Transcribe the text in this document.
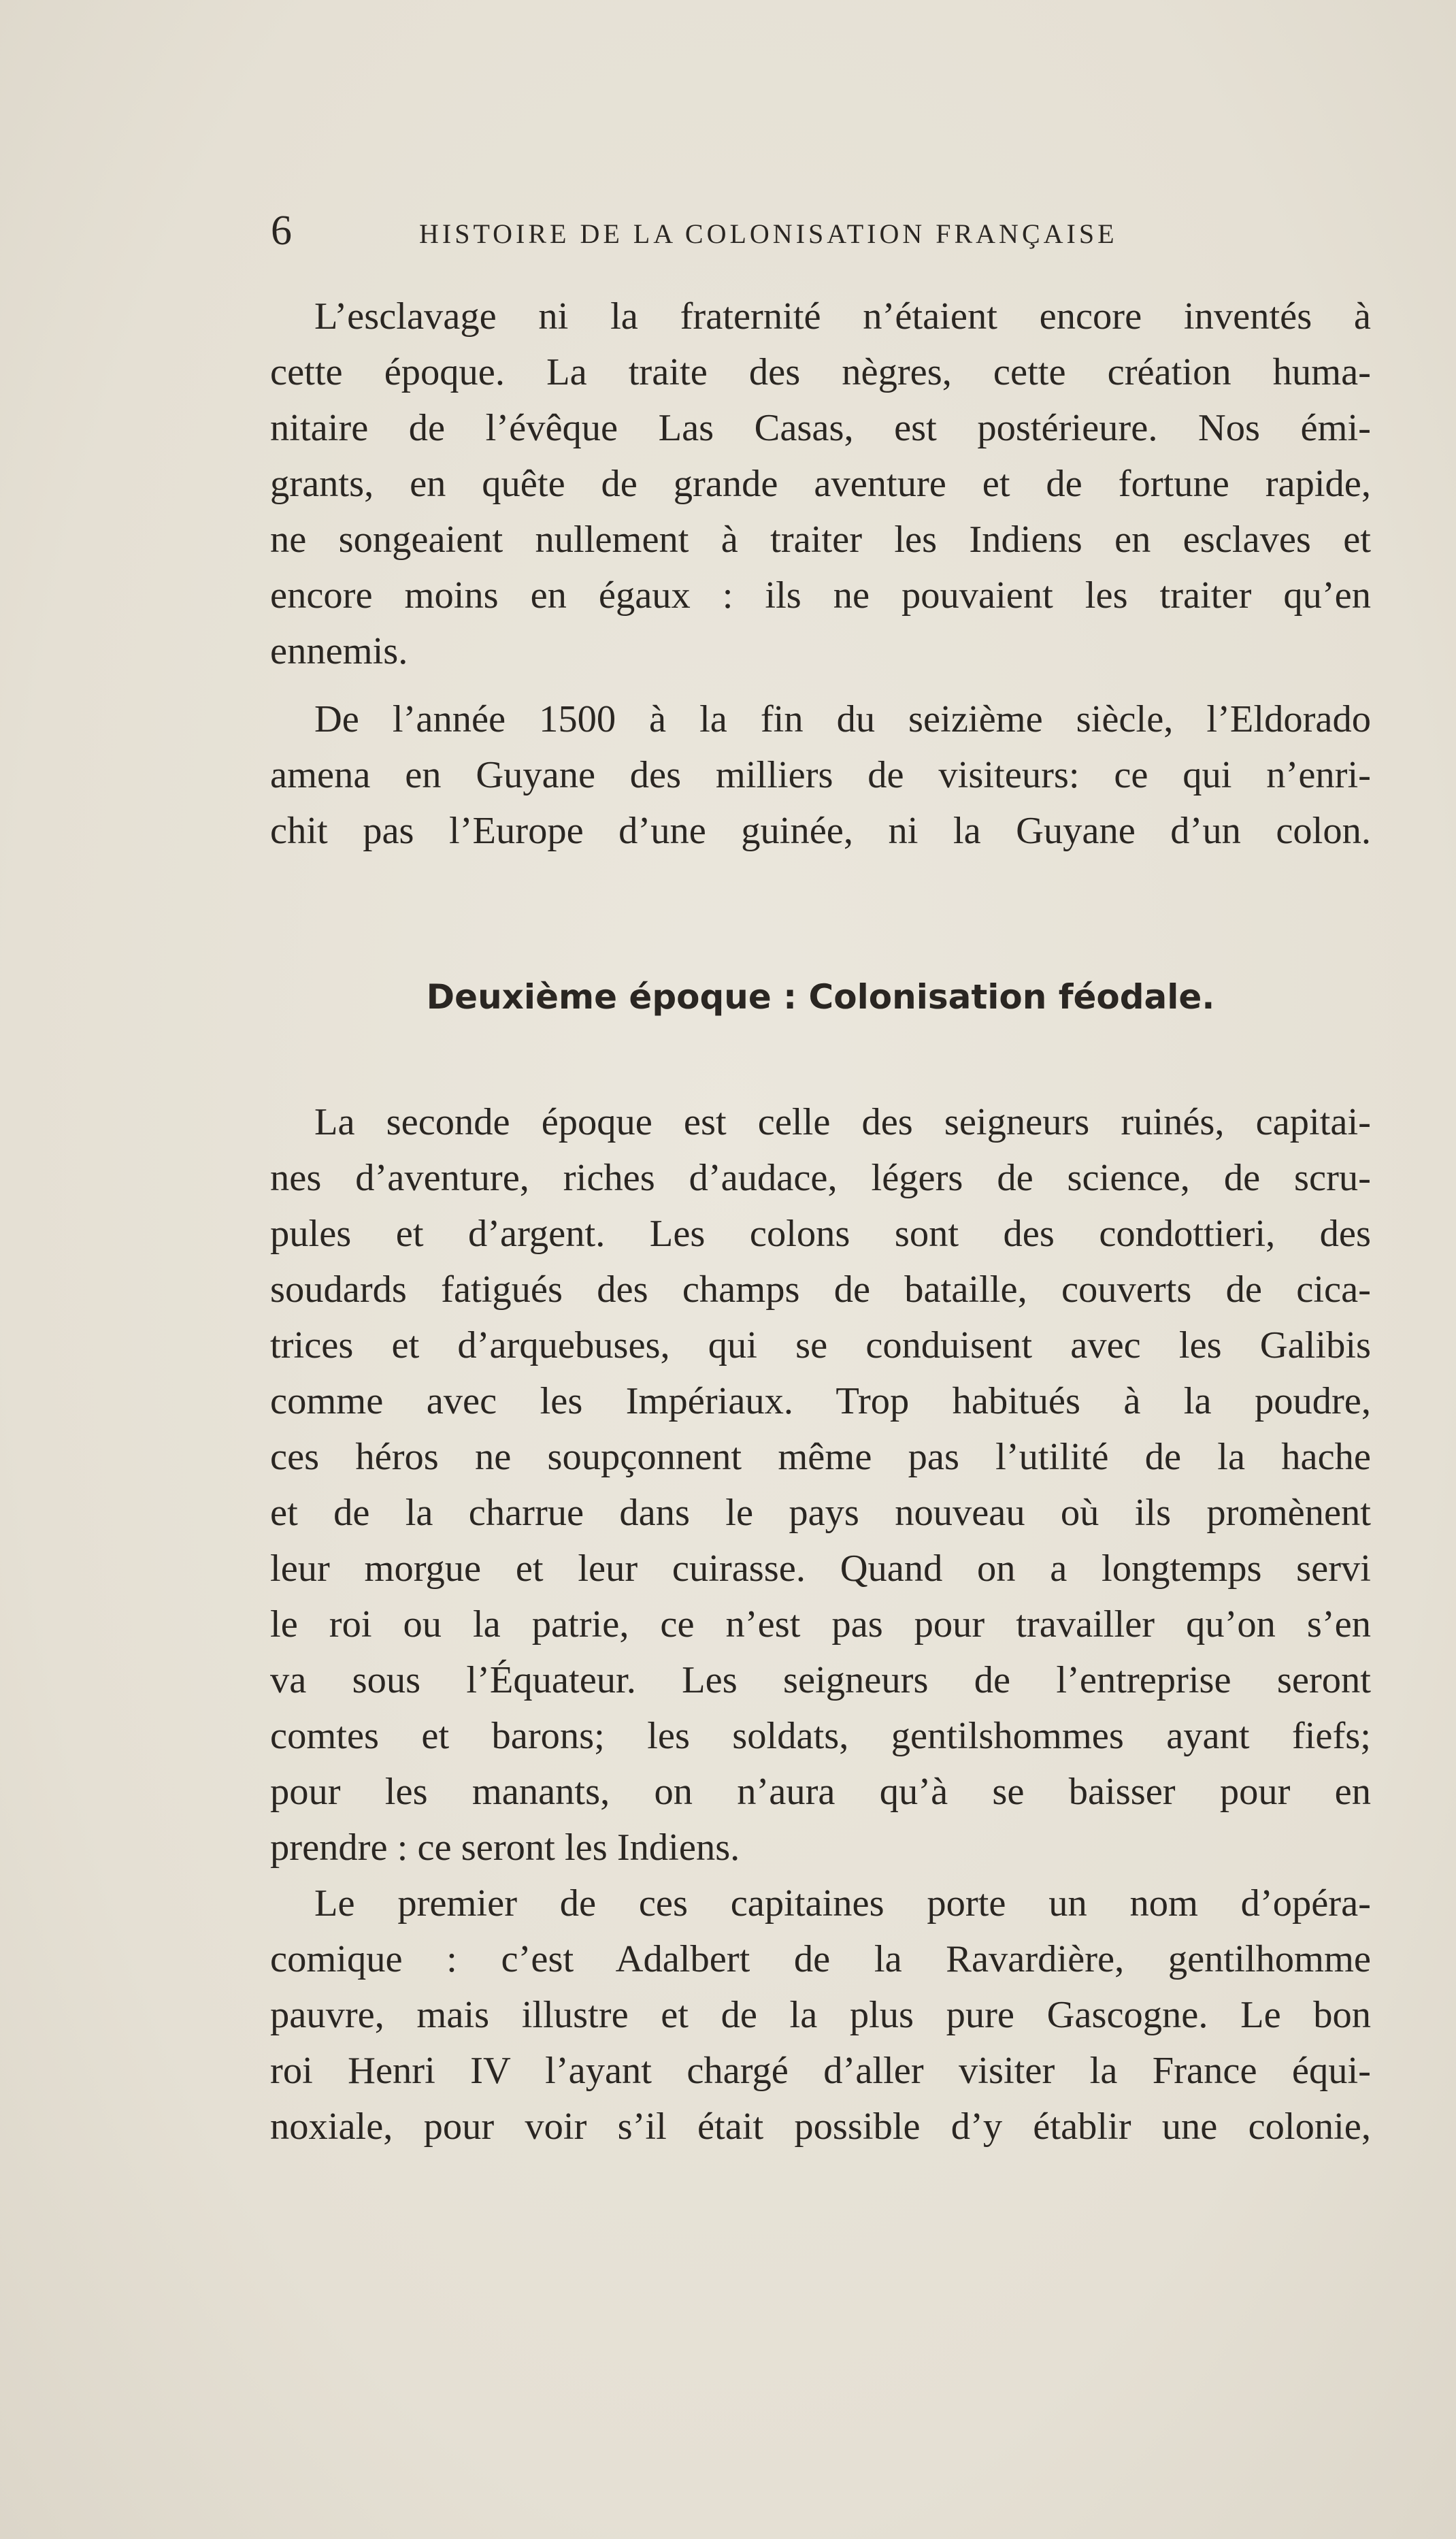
6	HISTOIRE DE LA COLONISATION FRANÇAISE
L’esclavage ni la fraternité n’étaient encore inventés à
cette époque. La traite des nègres, cette création huma-
nitaire de l’évêque Las Casas, est postérieure. Nos émi-
grants, en quête de grande aventure et de fortune rapide,
ne songeaient nullement à traiter les Indiens en esclaves et
encore moins en égaux : ils ne pouvaient les traiter qu’en
ennemis.
De l’année 1500 à la fin du seizième siècle, l’Eldorado
amena en Guyane des milliers de visiteurs: ce qui n’enri-
chit pas l’Europe d’une guinée, ni la Guyane d’un colon.
Deuxième époque : Colonisation féodale.
La seconde époque est celle des seigneurs ruinés, capitai-
nes d’aventure, riches d’audace, légers de science, de scru-
pules et d’argent. Les colons sont des condottieri, des
soudards fatigués des champs de bataille, couverts de cica-
trices et d’arquebuses, qui se conduisent avec les Galibis
comme avec les Impériaux. Trop habitués à la poudre,
ces héros ne soupçonnent même pas l’utilité de la hache
et de la charrue dans le pays nouveau où ils promènent
leur morgue et leur cuirasse. Quand on a longtemps servi
le roi ou la patrie, ce n’est pas pour travailler qu’on s’en
va sous l’Équateur. Les seigneurs de l’entreprise seront
comtes et barons; les soldats, gentilshommes ayant fiefs;
pour les manants, on n’aura qu’à se baisser pour en
prendre : ce seront les Indiens.
Le premier de ces capitaines porte un nom d’opéra-
comique : c’est Adalbert de la Ravardière, gentilhomme
pauvre, mais illustre et de la plus pure Gascogne. Le bon
roi Henri IV l’ayant chargé d’aller visiter la France équi-
noxiale, pour voir s’il était possible d’y établir une colonie,
